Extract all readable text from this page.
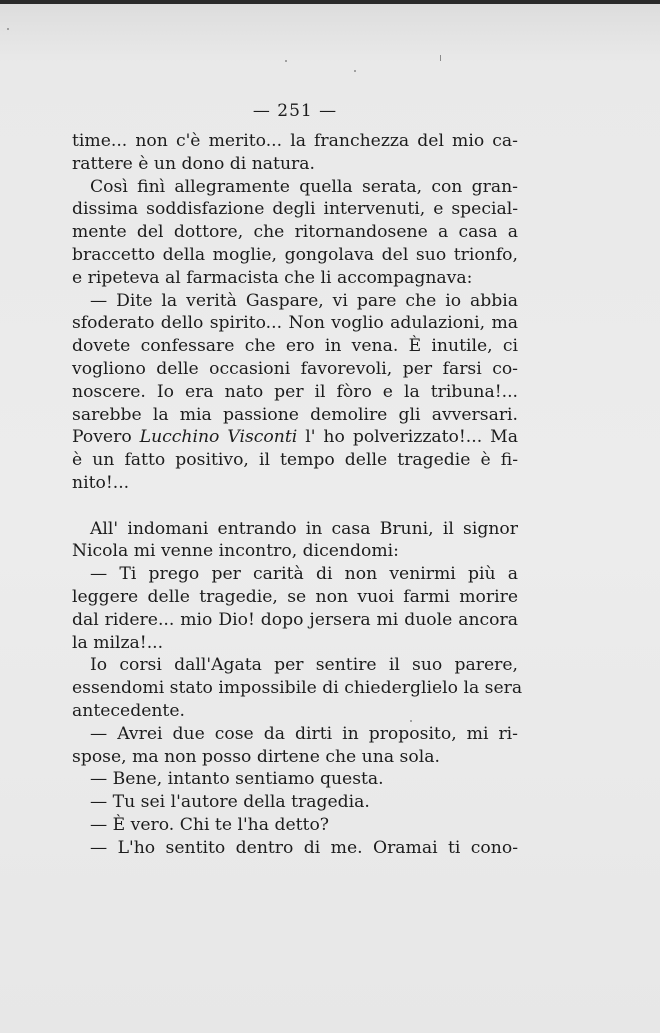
— 251 —
time... non c'è merito... la franchezza del mio ca-
rattere è un dono di natura.
Così finì allegramente quella serata, con gran-
dissima soddisfazione degli intervenuti, e special-
mente del dottore, che ritornandosene a casa a
braccetto della moglie, gongolava del suo trionfo,
e ripeteva al farmacista che li accompagnava:
— Dite la verità Gaspare, vi pare che io abbia
sfoderato dello spirito... Non voglio adulazioni, ma
dovete confessare che ero in vena. È inutile, ci
vogliono delle occasioni favorevoli, per farsi co-
noscere. Io era nato per il fòro e la tribuna!...
sarebbe la mia passione demolire gli avversari.
Povero Lucchino Visconti l' ho polverizzato!... Ma
è un fatto positivo, il tempo delle tragedie è fi-
nito!...
All' indomani entrando in casa Bruni, il signor
Nicola mi venne incontro, dicendomi:
— Ti prego per carità di non venirmi più a
leggere delle tragedie, se non vuoi farmi morire
dal ridere... mio Dio! dopo jersera mi duole ancora
la milza!...
Io corsi dall'Agata per sentire il suo parere,
essendomi stato impossibile di chiederglielo la sera
antecedente.
— Avrei due cose da dirti in proposito, mi ri-
spose, ma non posso dirtene che una sola.
— Bene, intanto sentiamo questa.
— Tu sei l'autore della tragedia.
— È vero. Chi te l'ha detto?
— L'ho sentito dentro di me. Oramai ti cono-
